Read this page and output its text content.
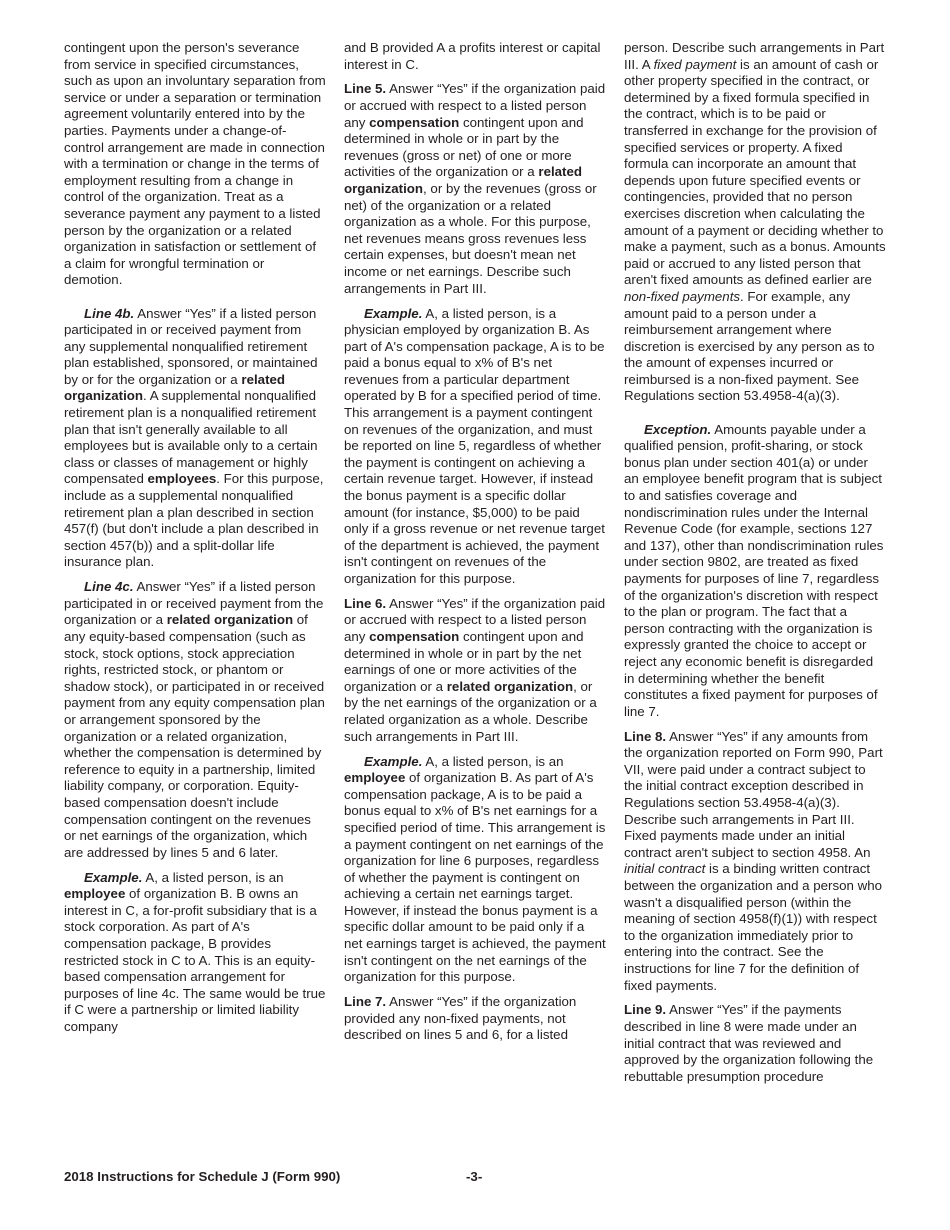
contingent upon the person's severance from service in specified circumstances, such as upon an involuntary separation from service or under a separation or termination agreement voluntarily entered into by the parties. Payments under a change-of-control arrangement are made in connection with a termination or change in the terms of employment resulting from a change in control of the organization. Treat as a severance payment any payment to a listed person by the organization or a related organization in satisfaction or settlement of a claim for wrongful termination or demotion.

Line 4b. Answer “Yes” if a listed person participated in or received payment from any supplemental nonqualified retirement plan established, sponsored, or maintained by or for the organization or a related organization. A supplemental nonqualified retirement plan is a nonqualified retirement plan that isn't generally available to all employees but is available only to a certain class or classes of management or highly compensated employees. For this purpose, include as a supplemental nonqualified retirement plan a plan described in section 457(f) (but don't include a plan described in section 457(b)) and a split-dollar life insurance plan.

Line 4c. Answer “Yes” if a listed person participated in or received payment from the organization or a related organization of any equity-based compensation (such as stock, stock options, stock appreciation rights, restricted stock, or phantom or shadow stock), or participated in or received payment from any equity compensation plan or arrangement sponsored by the organization or a related organization, whether the compensation is determined by reference to equity in a partnership, limited liability company, or corporation. Equity-based compensation doesn't include compensation contingent on the revenues or net earnings of the organization, which are addressed by lines 5 and 6 later.

Example. A, a listed person, is an employee of organization B. B owns an interest in C, a for-profit subsidiary that is a stock corporation. As part of A's compensation package, B provides restricted stock in C to A. This is an equity-based compensation arrangement for purposes of line 4c. The same would be true if C were a partnership or limited liability company

and B provided A a profits interest or capital interest in C.

Line 5. Answer “Yes” if the organization paid or accrued with respect to a listed person any compensation contingent upon and determined in whole or in part by the revenues (gross or net) of one or more activities of the organization or a related organization, or by the revenues (gross or net) of the organization or a related organization as a whole. For this purpose, net revenues means gross revenues less certain expenses, but doesn't mean net income or net earnings. Describe such arrangements in Part III.

Example. A, a listed person, is a physician employed by organization B. As part of A's compensation package, A is to be paid a bonus equal to x% of B's net revenues from a particular department operated by B for a specified period of time. This arrangement is a payment contingent on revenues of the organization, and must be reported on line 5, regardless of whether the payment is contingent on achieving a certain revenue target. However, if instead the bonus payment is a specific dollar amount (for instance, $5,000) to be paid only if a gross revenue or net revenue target of the department is achieved, the payment isn't contingent on revenues of the organization for this purpose.

Line 6. Answer “Yes” if the organization paid or accrued with respect to a listed person any compensation contingent upon and determined in whole or in part by the net earnings of one or more activities of the organization or a related organization, or by the net earnings of the organization or a related organization as a whole. Describe such arrangements in Part III.

Example. A, a listed person, is an employee of organization B. As part of A's compensation package, A is to be paid a bonus equal to x% of B's net earnings for a specified period of time. This arrangement is a payment contingent on net earnings of the organization for line 6 purposes, regardless of whether the payment is contingent on achieving a certain net earnings target. However, if instead the bonus payment is a specific dollar amount to be paid only if a net earnings target is achieved, the payment isn't contingent on the net earnings of the organization for this purpose.

Line 7. Answer “Yes” if the organization provided any non-fixed payments, not described on lines 5 and 6, for a listed

person. Describe such arrangements in Part III. A fixed payment is an amount of cash or other property specified in the contract, or determined by a fixed formula specified in the contract, which is to be paid or transferred in exchange for the provision of specified services or property. A fixed formula can incorporate an amount that depends upon future specified events or contingencies, provided that no person exercises discretion when calculating the amount of a payment or deciding whether to make a payment, such as a bonus. Amounts paid or accrued to any listed person that aren't fixed amounts as defined earlier are non-fixed payments. For example, any amount paid to a person under a reimbursement arrangement where discretion is exercised by any person as to the amount of expenses incurred or reimbursed is a non-fixed payment. See Regulations section 53.4958-4(a)(3).

Exception. Amounts payable under a qualified pension, profit-sharing, or stock bonus plan under section 401(a) or under an employee benefit program that is subject to and satisfies coverage and nondiscrimination rules under the Internal Revenue Code (for example, sections 127 and 137), other than nondiscrimination rules under section 9802, are treated as fixed payments for purposes of line 7, regardless of the organization's discretion with respect to the plan or program. The fact that a person contracting with the organization is expressly granted the choice to accept or reject any economic benefit is disregarded in determining whether the benefit constitutes a fixed payment for purposes of line 7.

Line 8. Answer “Yes” if any amounts from the organization reported on Form 990, Part VII, were paid under a contract subject to the initial contract exception described in Regulations section 53.4958-4(a)(3). Describe such arrangements in Part III. Fixed payments made under an initial contract aren't subject to section 4958. An initial contract is a binding written contract between the organization and a person who wasn't a disqualified person (within the meaning of section 4958(f)(1)) with respect to the organization immediately prior to entering into the contract. See the instructions for line 7 for the definition of fixed payments.

Line 9. Answer “Yes” if the payments described in line 8 were made under an initial contract that was reviewed and approved by the organization following the rebuttable presumption procedure

2018 Instructions for Schedule J (Form 990)	-3-
